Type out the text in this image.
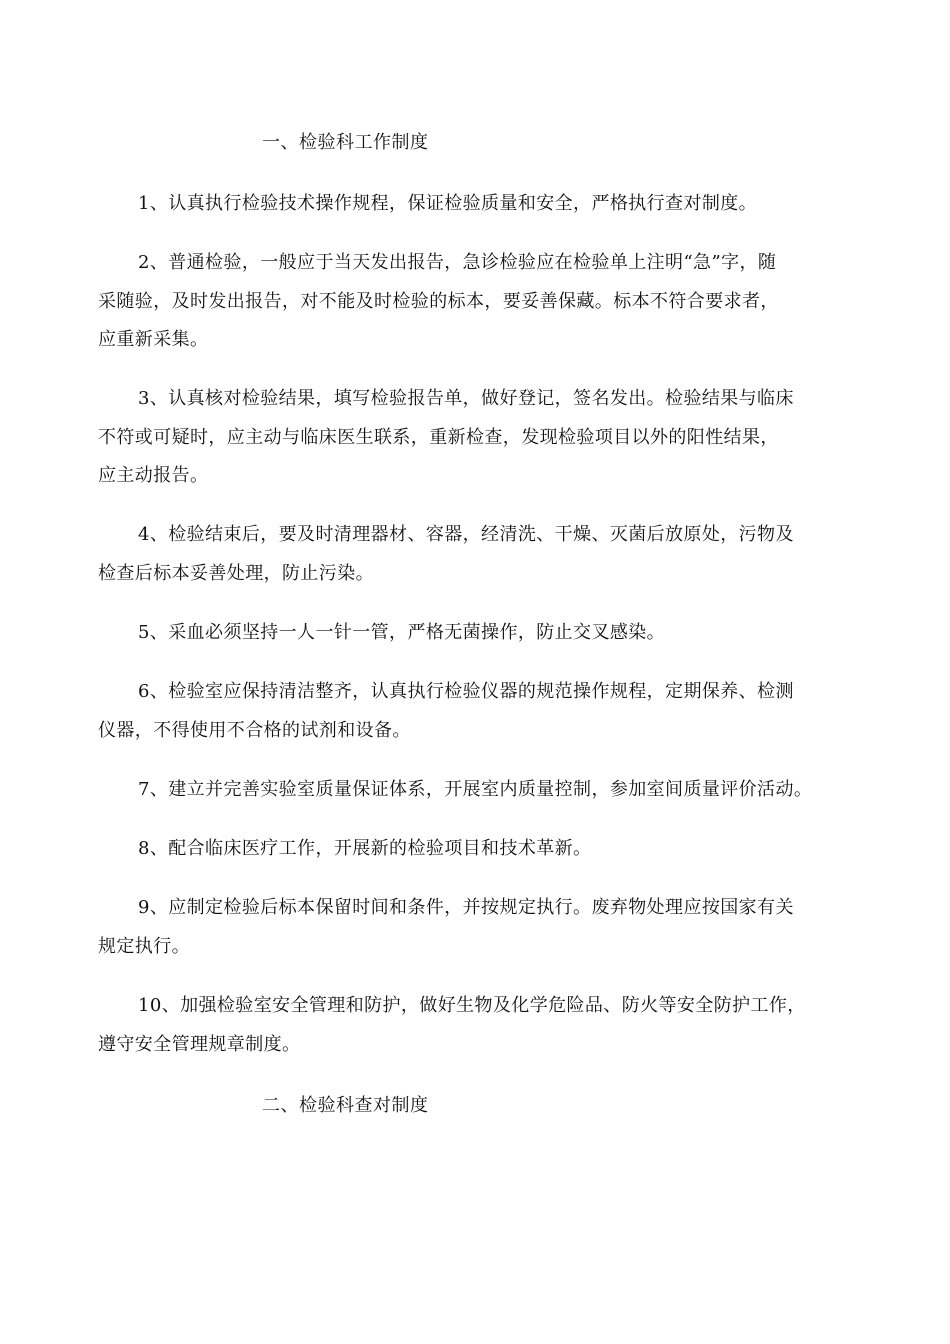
一、检验科工作制度
1、认真执行检验技术操作规程，保证检验质量和安全，严格执行查对制度。
2、普通检验，一般应于当天发出报告，急诊检验应在检验单上注明“急”字，随
采随验，及时发出报告，对不能及时检验的标本，要妥善保藏。标本不符合要求者，
应重新采集。
3、认真核对检验结果，填写检验报告单，做好登记，签名发出。检验结果与临床
不符或可疑时，应主动与临床医生联系，重新检查，发现检验项目以外的阳性结果，
应主动报告。
4、检验结束后，要及时清理器材、容器，经清洗、干燥、灭菌后放原处，污物及
检查后标本妥善处理，防止污染。
5、采血必须坚持一人一针一管，严格无菌操作，防止交叉感染。
6、检验室应保持清洁整齐，认真执行检验仪器的规范操作规程，定期保养、检测
仪器，不得使用不合格的试剂和设备。
7、建立并完善实验室质量保证体系，开展室内质量控制，参加室间质量评价活动。
8、配合临床医疗工作，开展新的检验项目和技术革新。
9、应制定检验后标本保留时间和条件，并按规定执行。废弃物处理应按国家有关
规定执行。
10、加强检验室安全管理和防护，做好生物及化学危险品、防火等安全防护工作，
遵守安全管理规章制度。
二、检验科查对制度
